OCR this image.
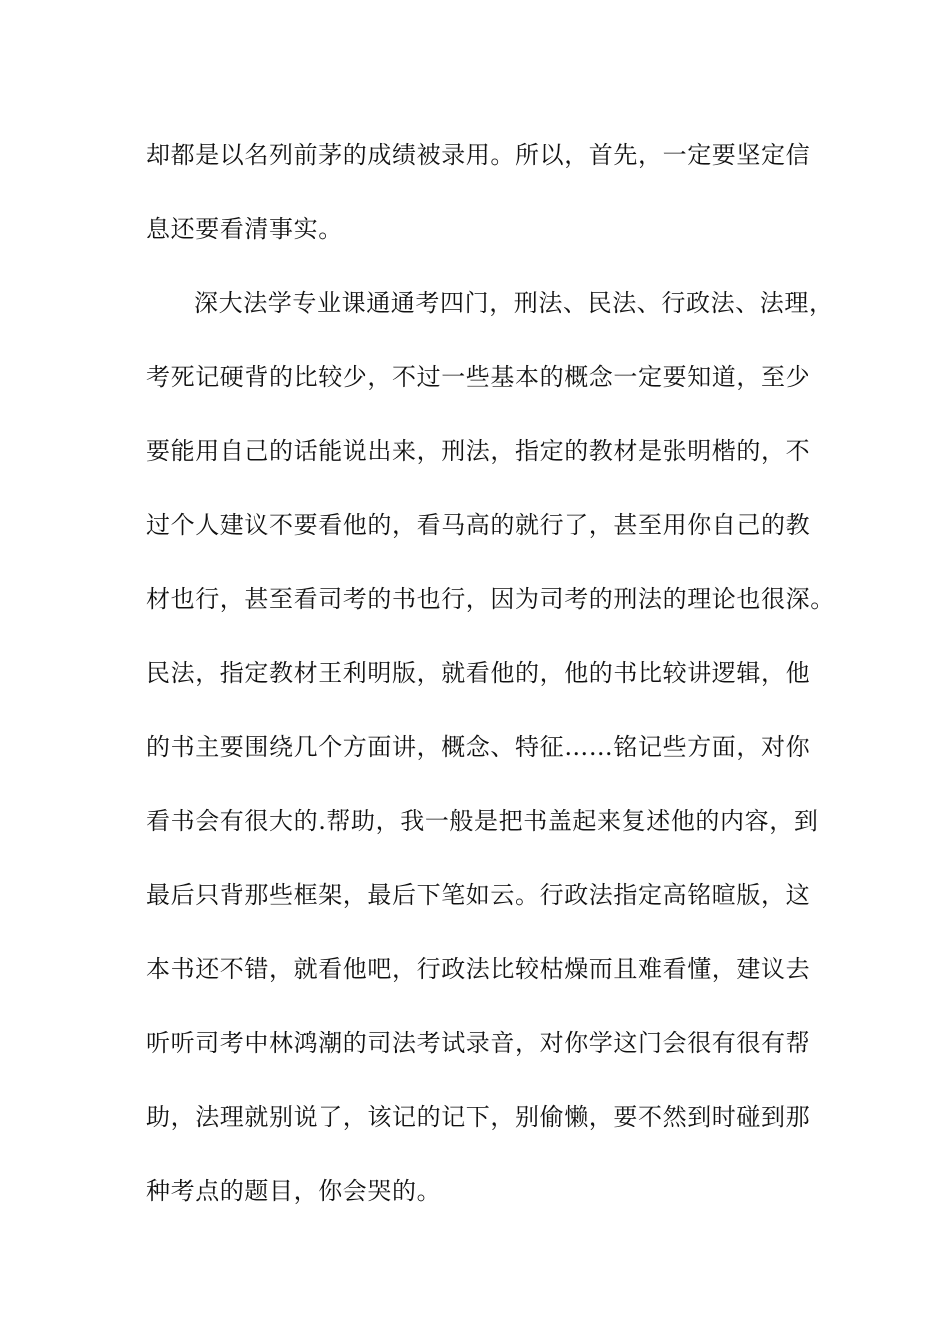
却都是以名列前茅的成绩被录用。所以，首先，一定要坚定信
息还要看清事实。
深大法学专业课通通考四门，刑法、民法、行政法、法理，
考死记硬背的比较少，不过一些基本的概念一定要知道，至少
要能用自己的话能说出来，刑法，指定的教材是张明楷的，不
过个人建议不要看他的，看马高的就行了，甚至用你自己的教
材也行，甚至看司考的书也行，因为司考的刑法的理论也很深。
民法，指定教材王利明版，就看他的，他的书比较讲逻辑，他
的书主要围绕几个方面讲，概念、特征……铭记些方面，对你
看书会有很大的.帮助，我一般是把书盖起来复述他的内容，到
最后只背那些框架，最后下笔如云。行政法指定高铭暄版，这
本书还不错，就看他吧，行政法比较枯燥而且难看懂，建议去
听听司考中林鸿潮的司法考试录音，对你学这门会很有很有帮
助，法理就别说了，该记的记下，别偷懒，要不然到时碰到那
种考点的题目，你会哭的。
